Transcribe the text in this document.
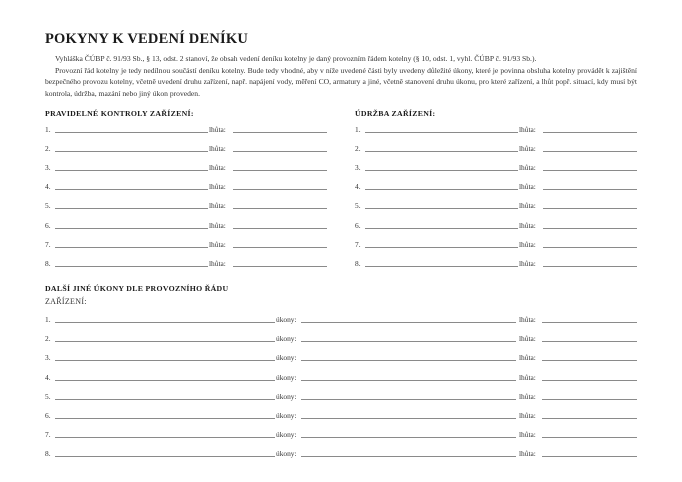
POKYNY K VEDENÍ DENÍKU

Vyhláška ČÚBP č. 91/93 Sb., § 13, odst. 2 stanoví, že obsah vedení deníku kotelny je daný provozním řádem kotelny (§ 10, odst. 1, vyhl. ČÚBP č. 91/93 Sb.).

Provozní řád kotelny je tedy nedílnou součástí deníku kotelny. Bude tedy vhodné, aby v níže uvedené části byly uvedeny důležité úkony, které je povinna obsluha kotelny provádět k zajištění bezpečného provozu kotelny, včetně uvedení druhu zařízení, např. napájení vody, měření CO, armatury a jiné, včetně stanovení druhu úkonu, pro které zařízení, a lhůt popř. situací, kdy musí být kontrola, údržba, mazání nebo jiný úkon proveden.

PRAVIDELNÉ KONTROLY ZAŘÍZENÍ:	ÚDRŽBA ZAŘÍZENÍ:
1.	lhůta:
2.	lhůta:
3.	lhůta:
4.	lhůta:
5.	lhůta:
6.	lhůta:
7.	lhůta:
8.	lhůta:
1.	lhůta:
2.	lhůta:
3.	lhůta:
4.	lhůta:
5.	lhůta:
6.	lhůta:
7.	lhůta:
8.	lhůta:
DALŠÍ JINÉ ÚKONY DLE PROVOZNÍHO ŘÁDU
ZAŘÍZENÍ:
1.	úkony:	lhůta:
2.	úkony:	lhůta:
3.	úkony:	lhůta:
4.	úkony:	lhůta:
5.	úkony:	lhůta:
6.	úkony:	lhůta:
7.	úkony:	lhůta:
8.	úkony:	lhůta:
